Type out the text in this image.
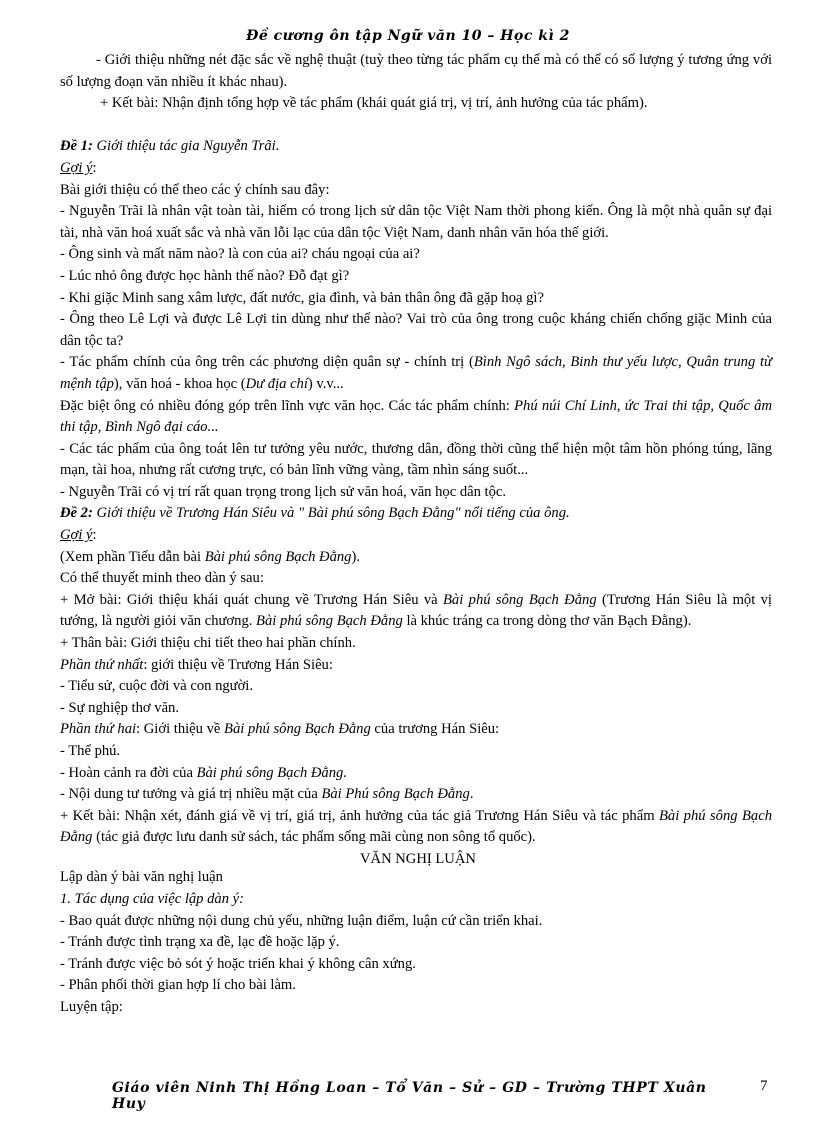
Đề cương ôn tập Ngữ văn 10 – Học kì 2

- Giới thiệu những nét đặc sắc về nghệ thuật (tuỳ theo từng tác phẩm cụ thể mà có thể có số lượng ý tương ứng với số lượng đoạn văn nhiều ít khác nhau).

+ Kết bài: Nhận định tổng hợp về tác phẩm (khái quát giá trị, vị trí, ảnh hưởng của tác phẩm).

Đề 1: Giới thiệu tác gia Nguyễn Trãi.

Gợi ý:

Bài giới thiệu có thể theo các ý chính sau đây:

- Nguyễn Trãi là nhân vật toàn tài, hiếm có trong lịch sử dân tộc Việt Nam thời phong kiến. Ông là một nhà quân sự đại tài, nhà văn hoá xuất sắc và nhà văn lỗi lạc của dân tộc Việt Nam, danh nhân văn hóa thế giới.

- Ông sinh và mất năm nào? là con của ai? cháu ngoại của ai?

- Lúc nhỏ ông được học hành thế nào? Đỗ đạt gì?

- Khi giặc Minh sang xâm lược, đất nước, gia đình, và bản thân ông đã gặp hoạ gì?

- Ông theo Lê Lợi và được Lê Lợi tin dùng như thế nào? Vai trò của ông trong cuộc kháng chiến chống giặc Minh của dân tộc ta?

- Tác phẩm chính của ông trên các phương diện quân sự - chính trị (Bình Ngô sách, Binh thư yếu lược, Quân trung từ mệnh tập), văn hoá - khoa học (Dư địa chí) v.v...

Đặc biệt ông có nhiều đóng góp trên lĩnh vực văn học. Các tác phẩm chính: Phú núi Chí Linh, ức Trai thi tập, Quốc âm thi tập, Bình Ngô đại cáo...

- Các tác phẩm của ông toát lên tư tưởng yêu nước, thương dân, đồng thời cũng thể hiện một tâm hồn phóng túng, lãng mạn, tài hoa, nhưng rất cương trực, có bản lĩnh vững vàng, tầm nhìn sáng suốt...

- Nguyễn Trãi có vị trí rất quan trọng trong lịch sử văn hoá, văn học dân tộc.

Đề 2: Giới thiệu về Trương Hán Siêu và " Bài phú sông Bạch Đằng" nổi tiếng của ông.

Gợi ý:

(Xem phần Tiểu dẫn bài Bài phú sông Bạch Đằng).

Có thể thuyết minh theo dàn ý sau:

+ Mở bài: Giới thiệu khái quát chung về Trương Hán Siêu và Bài phú sông Bạch Đằng (Trương Hán Siêu là một vị tướng, là người giỏi văn chương. Bài phú sông Bạch Đằng là khúc tráng ca trong dòng thơ văn Bạch Đằng).

+ Thân bài: Giới thiệu chi tiết theo hai phần chính.

Phần thứ nhất: giới thiệu về Trương Hán Siêu:

- Tiểu sử, cuộc đời và con người.

- Sự nghiệp thơ văn.

Phần thứ hai: Giới thiệu về Bài phú sông Bạch Đằng của trương Hán Siêu:

- Thể phú.

- Hoàn cảnh ra đời của Bài phú sông Bạch Đằng.

- Nội dung tư tưởng và giá trị nhiều mặt của Bài Phú sông Bạch Đằng.

+ Kết bài: Nhận xét, đánh giá về vị trí, giá trị, ảnh hưởng của tác giả Trương Hán Siêu và tác phẩm Bài phú sông Bạch Đằng (tác giả được lưu danh sử sách, tác phẩm sống mãi cùng non sông tổ quốc).

VĂN NGHỊ LUẬN
Lập dàn ý bài văn nghị luận

1. Tác dụng của việc lập dàn ý:

- Bao quát được những nội dung chủ yếu, những luận điểm, luận cứ cần triển khai.

- Tránh được tình trạng xa đề, lạc đề hoặc lặp ý.

- Tránh được việc bỏ sót ý hoặc triển khai ý không cân xứng.

- Phân phối thời gian hợp lí cho bài làm.

Luyện tập:

Giáo viên Ninh Thị Hồng Loan – Tổ Văn – Sử – GD – Trường THPT Xuân Huy
7
